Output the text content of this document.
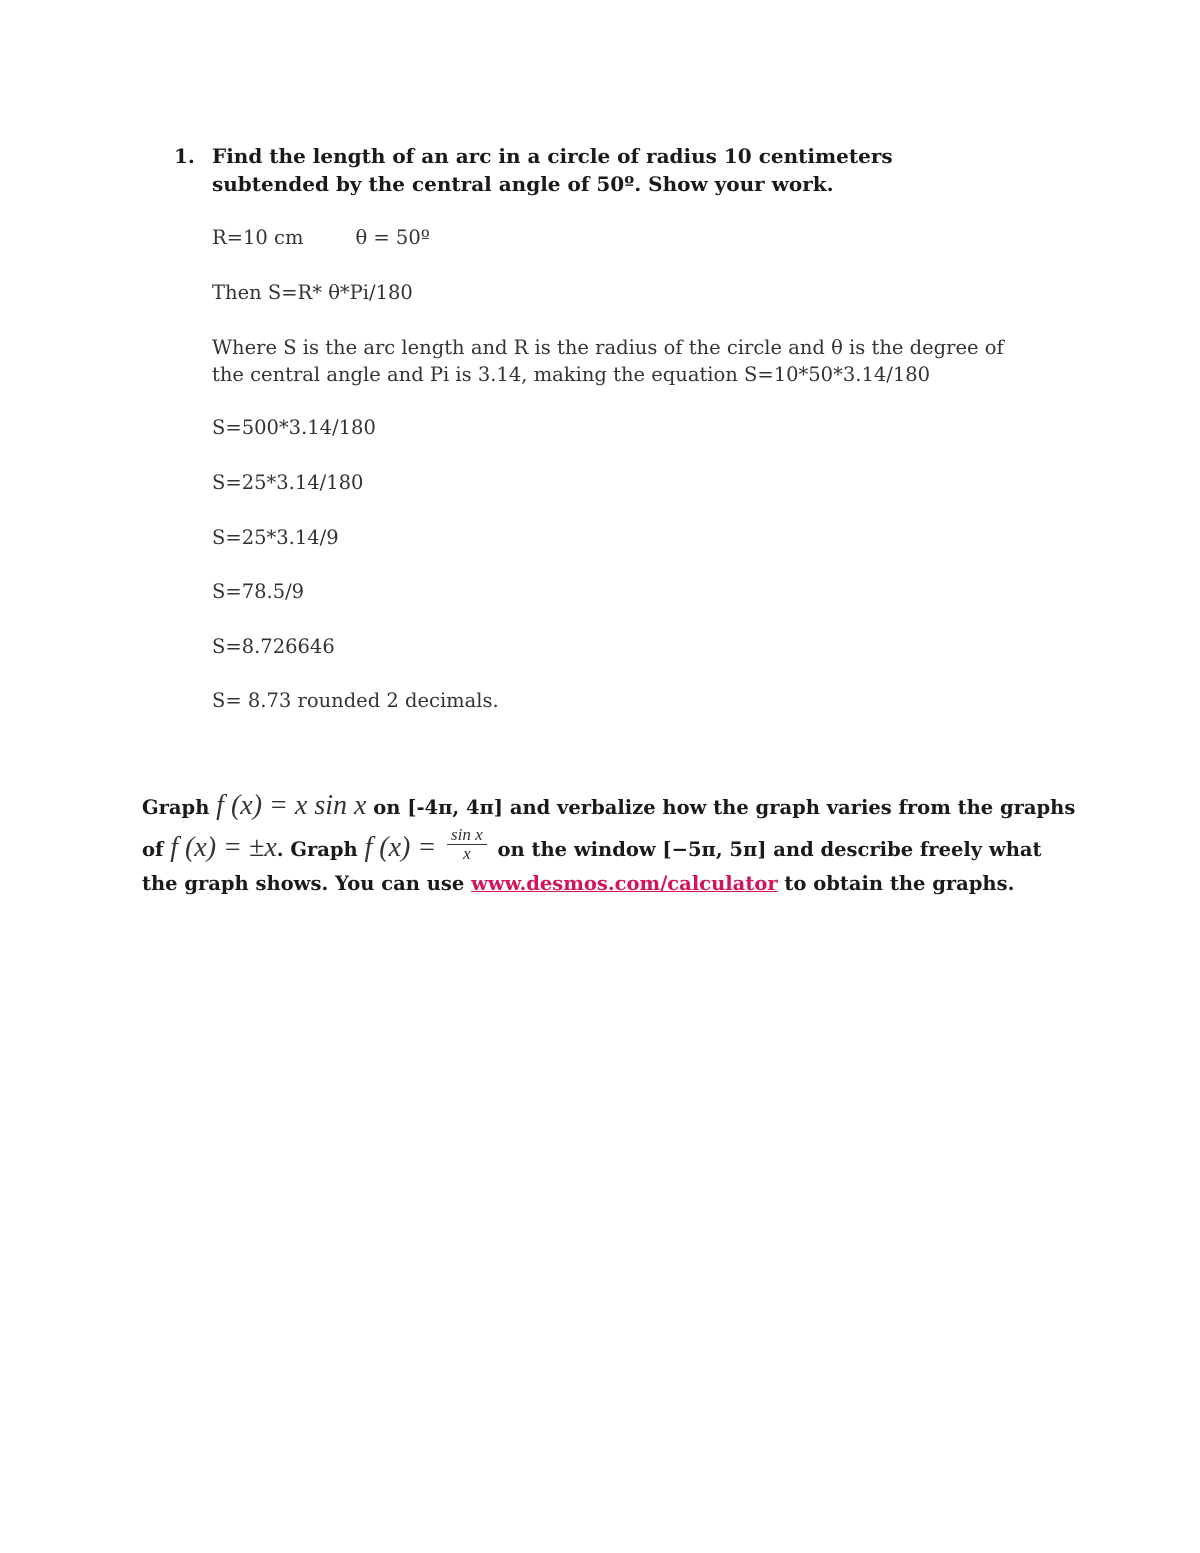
1. Find the length of an arc in a circle of radius 10 centimeters subtended by the central angle of 50º. Show your work.
R=10 cm	θ = 50º
Then S=R* θ*Pi/180
Where S is the arc length and R is the radius of the circle and θ is the degree of the central angle and Pi is 3.14, making the equation S=10*50*3.14/180
S=500*3.14/180
S=25*3.14/180
S=25*3.14/9
S=78.5/9
S=8.726646
S= 8.73 rounded 2 decimals.
Graph f (x) = x sin x on [-4π, 4π] and verbalize how the graph varies from the graphs
of f (x) = ±x. Graph f $(x) = \frac{\text{sin x}}{x}$ on the window [−5π, 5π] and describe freely what
the graph shows. You can use www.desmos.com/calculator to obtain the graphs.
